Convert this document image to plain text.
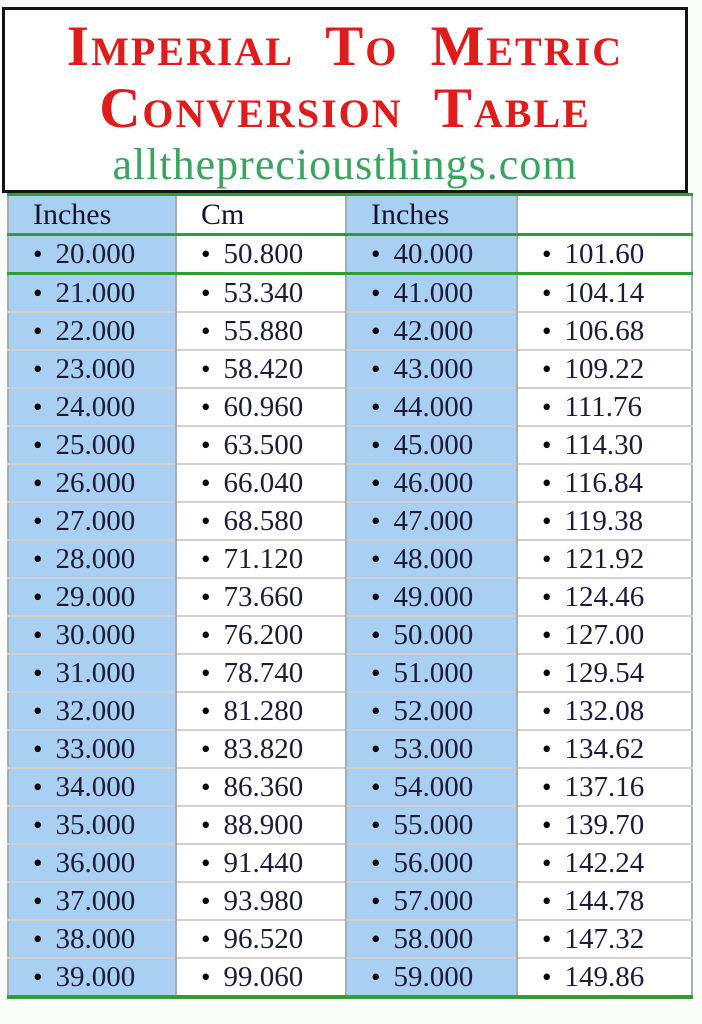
Imperial To Metric
Conversion Table
allthepreciousthings.com
Inches	Cm	Inches	
• 20.000	• 50.800	• 40.000	• 101.60
• 21.000	• 53.340	• 41.000	• 104.14
• 22.000	• 55.880	• 42.000	• 106.68
• 23.000	• 58.420	• 43.000	• 109.22
• 24.000	• 60.960	• 44.000	• 111.76
• 25.000	• 63.500	• 45.000	• 114.30
• 26.000	• 66.040	• 46.000	• 116.84
• 27.000	• 68.580	• 47.000	• 119.38
• 28.000	• 71.120	• 48.000	• 121.92
• 29.000	• 73.660	• 49.000	• 124.46
• 30.000	• 76.200	• 50.000	• 127.00
• 31.000	• 78.740	• 51.000	• 129.54
• 32.000	• 81.280	• 52.000	• 132.08
• 33.000	• 83.820	• 53.000	• 134.62
• 34.000	• 86.360	• 54.000	• 137.16
• 35.000	• 88.900	• 55.000	• 139.70
• 36.000	• 91.440	• 56.000	• 142.24
• 37.000	• 93.980	• 57.000	• 144.78
• 38.000	• 96.520	• 58.000	• 147.32
• 39.000	• 99.060	• 59.000	• 149.86
